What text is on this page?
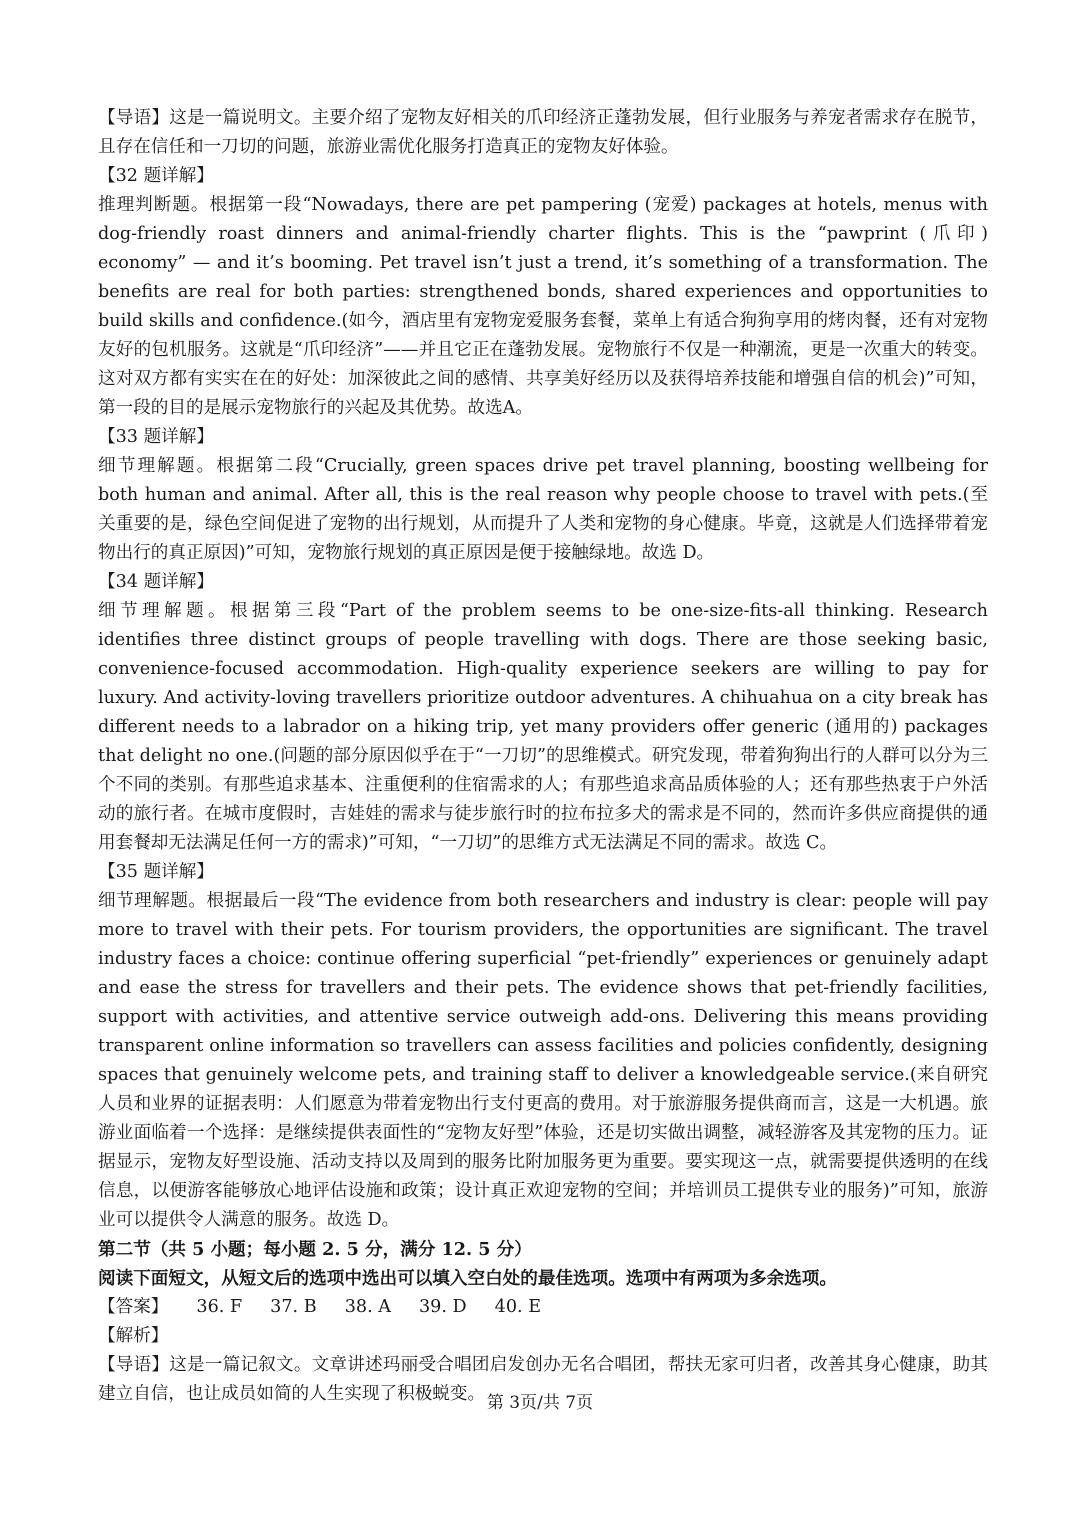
【导语】这是一篇说明文。主要介绍了宠物友好相关的爪印经济正蓬勃发展，但行业服务与养宠者需求存在脱节，且存在信任和一刀切的问题，旅游业需优化服务打造真正的宠物友好体验。

【32 题详解】

推理判断题。根据第一段“Nowadays, there are pet pampering (宠爱) packages at hotels, menus with dog-friendly roast dinners and animal-friendly charter flights. This is the “pawprint (爪印) economy” — and it’s booming. Pet travel isn’t just a trend, it’s something of a transformation. The benefits are real for both parties: strengthened bonds, shared experiences and opportunities to build skills and confidence.(如今，酒店里有宠物宠爱服务套餐，菜单上有适合狗狗享用的烤肉餐，还有对宠物友好的包机服务。这就是“爪印经济”——并且它正在蓬勃发展。宠物旅行不仅是一种潮流，更是一次重大的转变。这对双方都有实实在在的好处：加深彼此之间的感情、共享美好经历以及获得培养技能和增强自信的机会)”可知，第一段的目的是展示宠物旅行的兴起及其优势。故选A。

【33 题详解】

细节理解题。根据第二段“Crucially, green spaces drive pet travel planning, boosting wellbeing for both human and animal. After all, this is the real reason why people choose to travel with pets.(至关重要的是，绿色空间促进了宠物的出行规划，从而提升了人类和宠物的身心健康。毕竟，这就是人们选择带着宠物出行的真正原因)”可知，宠物旅行规划的真正原因是便于接触绿地。故选 D。

【34 题详解】

细节理解题。根据第三段“Part of the problem seems to be one-size-fits-all thinking. Research identifies three distinct groups of people travelling with dogs. There are those seeking basic, convenience-focused accommodation. High-quality experience seekers are willing to pay for luxury. And activity-loving travellers prioritize outdoor adventures. A chihuahua on a city break has different needs to a labrador on a hiking trip, yet many providers offer generic (通用的) packages that delight no one.(问题的部分原因似乎在于“一刀切”的思维模式。研究发现，带着狗狗出行的人群可以分为三个不同的类别。有那些追求基本、注重便利的住宿需求的人；有那些追求高品质体验的人；还有那些热衷于户外活动的旅行者。在城市度假时，吉娃娃的需求与徒步旅行时的拉布拉多犬的需求是不同的，然而许多供应商提供的通用套餐却无法满足任何一方的需求)”可知，“一刀切”的思维方式无法满足不同的需求。故选 C。

【35 题详解】

细节理解题。根据最后一段“The evidence from both researchers and industry is clear: people will pay more to travel with their pets. For tourism providers, the opportunities are significant. The travel industry faces a choice: continue offering superficial “pet-friendly” experiences or genuinely adapt and ease the stress for travellers and their pets. The evidence shows that pet-friendly facilities, support with activities, and attentive service outweigh add-ons. Delivering this means providing transparent online information so travellers can assess facilities and policies confidently, designing spaces that genuinely welcome pets, and training staff to deliver a knowledgeable service.(来自研究人员和业界的证据表明：人们愿意为带着宠物出行支付更高的费用。对于旅游服务提供商而言，这是一大机遇。旅游业面临着一个选择：是继续提供表面性的“宠物友好型”体验，还是切实做出调整，减轻游客及其宠物的压力。证据显示，宠物友好型设施、活动支持以及周到的服务比附加服务更为重要。要实现这一点，就需要提供透明的在线信息，以便游客能够放心地评估设施和政策；设计真正欢迎宠物的空间；并培训员工提供专业的服务)”可知，旅游业可以提供令人满意的服务。故选 D。

第二节（共 5 小题；每小题 2. 5 分，满分 12. 5 分）

阅读下面短文，从短文后的选项中选出可以填入空白处的最佳选项。选项中有两项为多余选项。

【答案】 36. F 37. B 38. A 39. D 40. E

【解析】

【导语】这是一篇记叙文。文章讲述玛丽受合唱团启发创办无名合唱团，帮扶无家可归者，改善其身心健康，助其建立自信，也让成员如简的人生实现了积极蜕变。 第 3页/共 7页
